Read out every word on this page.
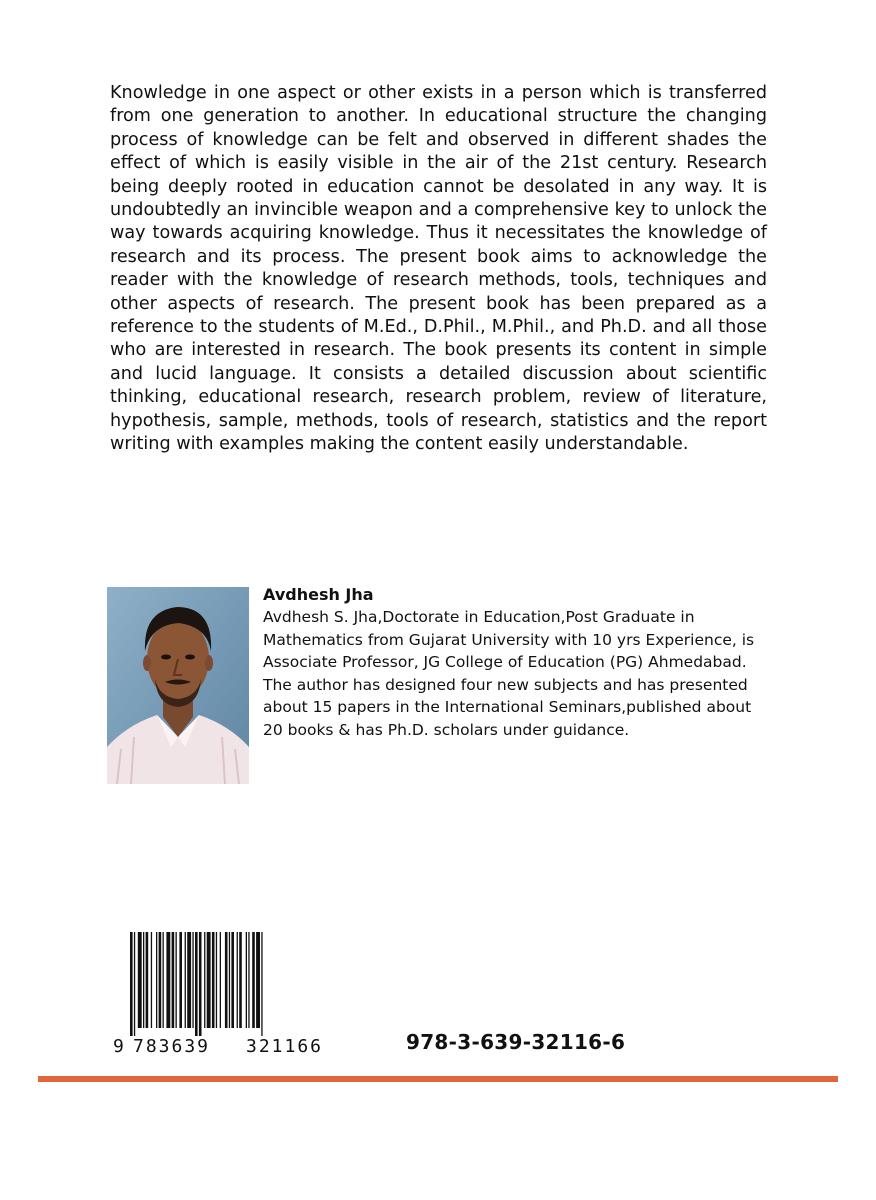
Knowledge in one aspect or other exists in a person which is transferred from one generation to another. In educational structure the changing process of knowledge can be felt and observed in different shades the effect of which is easily visible in the air of the 21st century. Research being deeply rooted in education cannot be desolated in any way. It is undoubtedly an invincible weapon and a comprehensive key to unlock the way towards acquiring knowledge. Thus it necessitates the knowledge of research and its process. The present book aims to acknowledge the reader with the knowledge of research methods, tools, techniques and other aspects of research. The present book has been prepared as a reference to the students of M.Ed., D.Phil., M.Phil., and Ph.D. and all those who are interested in research. The book presents its content in simple and lucid language. It consists a detailed discussion about scientific thinking, educational research, research problem, review of literature, hypothesis, sample, methods, tools of research, statistics and the report writing with examples making the content easily understandable.

Avdhesh Jha

Avdhesh S. Jha,Doctorate in Education,Post Graduate in Mathematics from Gujarat University with 10 yrs Experience, is Associate Professor, JG College of Education (PG) Ahmedabad. The author has designed four new subjects and has presented about 15 papers in the International Seminars,published about 20 books & has Ph.D. scholars under guidance.

9 783639 321166	978-3-639-32116-6
